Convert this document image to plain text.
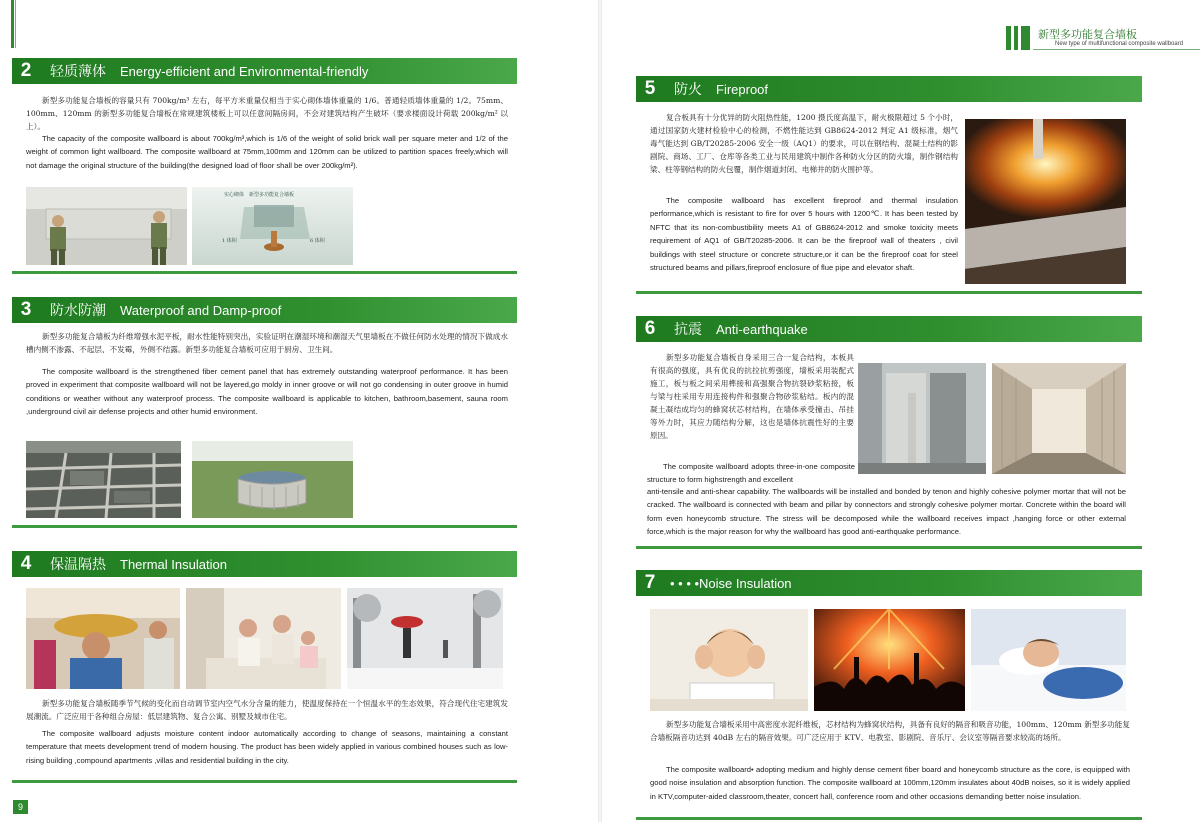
新型多功能复合墙板
New type of multifunctional composite wallboard
2	轻质薄体 Energy-efficient and Environmental-friendly

新型多功能复合墙板的容量只有 700kg/m³ 左右，每平方米重量仅相当于实心砌体墙体重量的 1/6。普通轻质墙体重量的 1/2。75mm、100mm、120mm 的新型多功能复合墙板在常规建筑楼板上可以任意间隔房间，不会对建筑结构产生破坏（要求楼面设计荷载 200kg/m² 以上）。

The capacity of the composite wallboard is about 700kg/m³,which is 1/6 of the weight of solid brick wall per square meter and 1/2 of the weight of common light wallboard. The composite wallboard at 75mm,100mm and 120mm can be utilized to partition spaces freely,which will not damage the original structure of the building(the designed load of floor shall be over 200kg/m²).

实心砌体　新型多功能复合墙板
1 体积	6 体积
3	防水防潮 Waterproof and Damp-proof

新型多功能复合墙板为纤维增强水泥平板，耐水性能特别突出，实验证明在潮湿环境和潮湿天气里墙板在不做任何防水处理的情况下做成水槽内侧不渗露、不起层、不发霉，外侧不结露。新型多功能复合墙板可应用于厨房、卫生间。

The composite wallboard is the strengthened fiber cement panel that has extremely outstanding waterproof performance. It has been proved in experiment that composite wallboard will not be layered,go moldy in inner groove or will not go condensing in outer groove in humid conditions or weather without any waterproof process. The composite wallboard is applicable to kitchen, bathroom,basement, sauna room ,underground civil air defense projects and other humid environment.

4	保温隔热 Thermal Insulation

新型多功能复合墙板随季节气候的变化而自动调节室内空气水分含量的能力，使温度保持在一个恒温水平的生态效果，符合现代住宅建筑发展潮流。广泛应用于各种组合房屋：低层建筑物、复合公寓、别墅及城市住宅。

The composite wallboard adjusts moisture content indoor automatically according to change of seasons, maintaining a constant temperature that meets development trend of modern housing. The product has been widely applied in various combined houses such as low-rising building ,compound apartments ,villas and residential building in the city.

9
5	防火 Fireproof

复合板具有十分优异的防火阻热性能，1200 摄氏度高温下，耐火极限超过 5 个小时，通过国家防火建材检验中心的检测，不燃性能达到 GB8624-2012 判定 A1 级标准，烟气毒气能达到 GB/T20285-2006 安全一级（AQ1）的要求，可以在钢结构、混凝土结构的影剧院、商场、工厂、仓库等各类工业与民用建筑中制作各种防火分区的防火墙，制作钢结构梁、柱等钢结构的防火包覆，制作烟道封闭、电梯井的防火围护等。

The composite wallboard has excellent fireproof and thermal insulation performance,which is resistant to fire for over 5 hours with 1200℃. It has been tested by NFTC that its non-combustibility meets A1 of GB8624-2012 and smoke toxicity meets requirement of AQ1 of GB/T20285-2006. It can be the fireproof wall of theaters , civil buildings with steel structure or concrete structure,or it can be the fireproof coat for steel structured beams and pillars,fireproof enclosure of flue pipe and elevator shaft.

6	抗震 Anti-earthquake

新型多功能复合墙板自身采用三合一复合结构，本板具有很高的强度，具有优良的抗拉抗剪强度，墙板采用装配式施工，板与板之间采用榫接和高强聚合物抗裂砂浆粘接，板与梁与柱采用专用连接构件和强聚合物砂浆粘结。板内的混凝土凝结成均匀的蜂窝状芯材结构，在墙体承受撞击、吊挂等外力时，其应力随结构分解，这也是墙体抗震性好的主要原因。

The composite wallboard adopts three-in-one composite structure to form highstrength and excellent

anti-tensile and anti-shear capability. The wallboards will be installed and bonded by tenon and highly cohesive polymer mortar that will not be cracked. The wallboard is connected with beam and pillar by connectors and strongly cohesive polymer mortar. Concrete within the board will form even honeycomb structure. The stress will be decomposed while the wallboard receives impact ,hanging force or other external force,which is the major reason for why the wallboard has good anti-earthquake performance.

7	• • • •Noise Insulation

新型多功能复合墙板采用中高密度水泥纤维板，芯材结构为蜂窝状结构，具备有良好的隔音和吸音功能，100mm、120mm 新型多功能复合墙板隔音功达到 40dB 左右的隔音效果。可广泛应用于 KTV、电教室、影剧院、音乐厅、会议室等隔音要求较高的场所。

The composite wallboard• adopting medium and highly dense cement fiber board and honeycomb structure as the core, is equipped with good noise insulation and absorption function. The composite wallboard at 100mm,120mm insulates about 40dB noises, so it is widely applied in KTV,computer-aided classroom,theater, concert hall, conference room and other occasions demanding better noise insulation.
